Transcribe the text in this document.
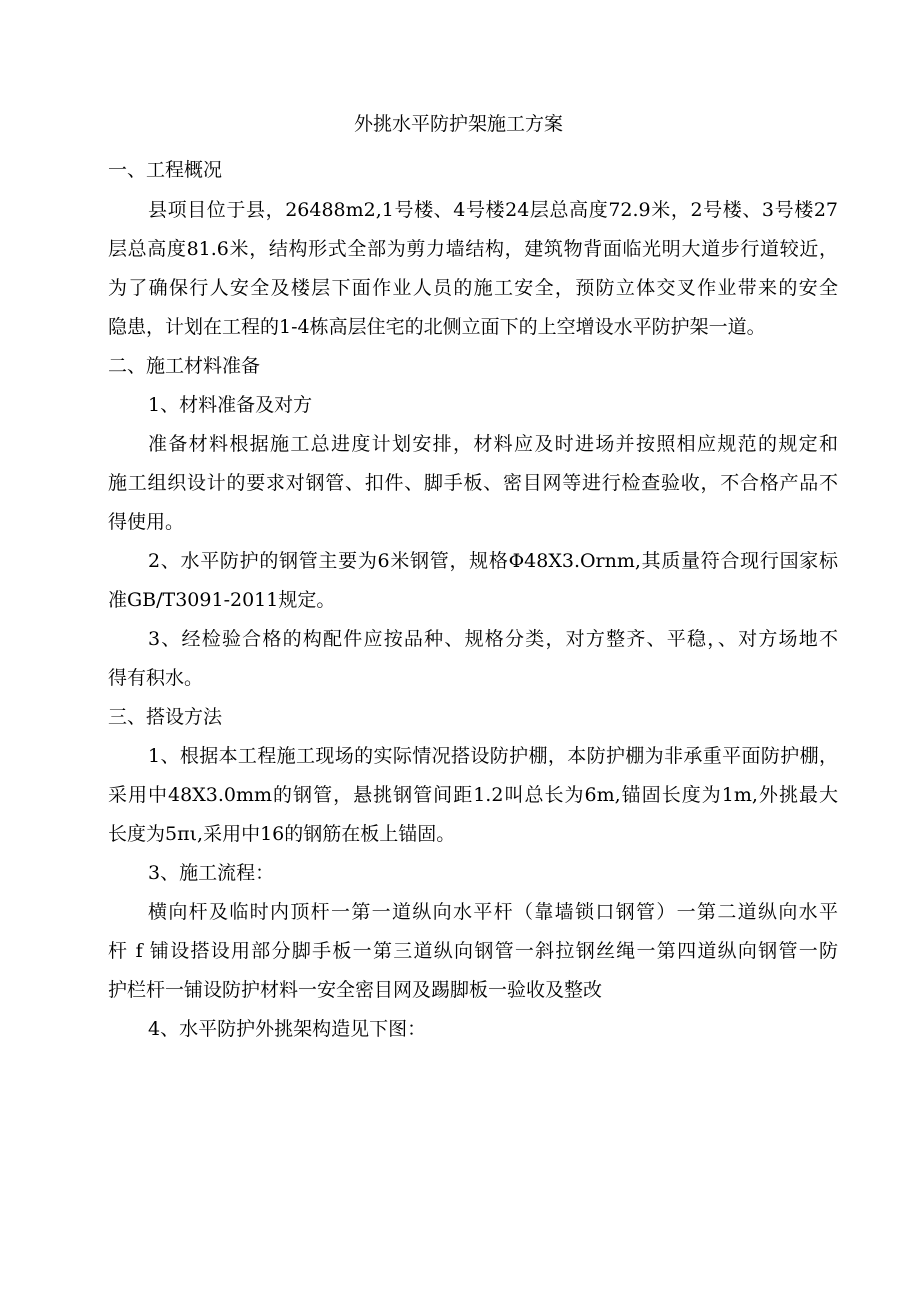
外挑水平防护架施工方案

一、工程概况

县项目位于县，26488m2,1号楼、4号楼24层总高度72.9米，2号楼、3号楼27

层总高度81.6米，结构形式全部为剪力墙结构，建筑物背面临光明大道步行道较近，

为了确保行人安全及楼层下面作业人员的施工安全，预防立体交叉作业带来的安全

隐患，计划在工程的1-4栋高层住宅的北侧立面下的上空增设水平防护架一道。

二、施工材料准备

1、材料准备及对方

准备材料根据施工总进度计划安排，材料应及时进场并按照相应规范的规定和

施工组织设计的要求对钢管、扣件、脚手板、密目网等进行检查验收，不合格产品不

得使用。

2、水平防护的钢管主要为6米钢管，规格Φ48X3.Ornm,其质量符合现行国家标

准GB/T3091-2011规定。

3、经检验合格的构配件应按品种、规格分类，对方整齐、平稳，、对方场地不

得有积水。

三、搭设方法

1、根据本工程施工现场的实际情况搭设防护棚，本防护棚为非承重平面防护棚，

采用中48X3.0mm的钢管，悬挑钢管间距1.2叫总长为6m,锚固长度为1m,外挑最大

长度为5πι,采用中16的钢筋在板上锚固。

3、施工流程：

横向杆及临时内顶杆一第一道纵向水平杆（靠墙锁口钢管）一第二道纵向水平

杆 f 铺设搭设用部分脚手板一第三道纵向钢管一斜拉钢丝绳一第四道纵向钢管一防

护栏杆一铺设防护材料一安全密目网及踢脚板一验收及整改

4、水平防护外挑架构造见下图：
